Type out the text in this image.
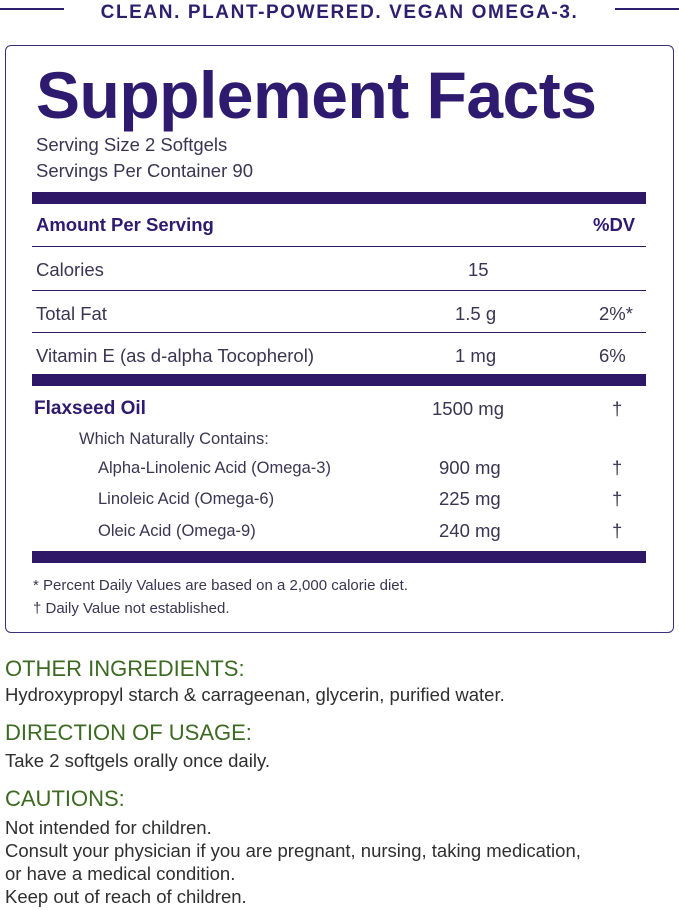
CLEAN. PLANT-POWERED. VEGAN OMEGA-3.
Supplement Facts
Serving Size 2 Softgels
Servings Per Container 90
Amount Per Serving	%DV
Calories	15
Total Fat	1.5 g	2%*
Vitamin E (as d-alpha Tocopherol)	1 mg	6%
Flaxseed Oil	1500 mg	†
Which Naturally Contains:
Alpha-Linolenic Acid (Omega-3)	900 mg	†
Linoleic Acid (Omega-6)	225 mg	†
Oleic Acid (Omega-9)	240 mg	†
* Percent Daily Values are based on a 2,000 calorie diet.
† Daily Value not established.
OTHER INGREDIENTS:
Hydroxypropyl starch & carrageenan, glycerin, purified water.
DIRECTION OF USAGE:
Take 2 softgels orally once daily.
CAUTIONS:
Not intended for children.
Consult your physician if you are pregnant, nursing, taking medication,
or have a medical condition.
Keep out of reach of children.
